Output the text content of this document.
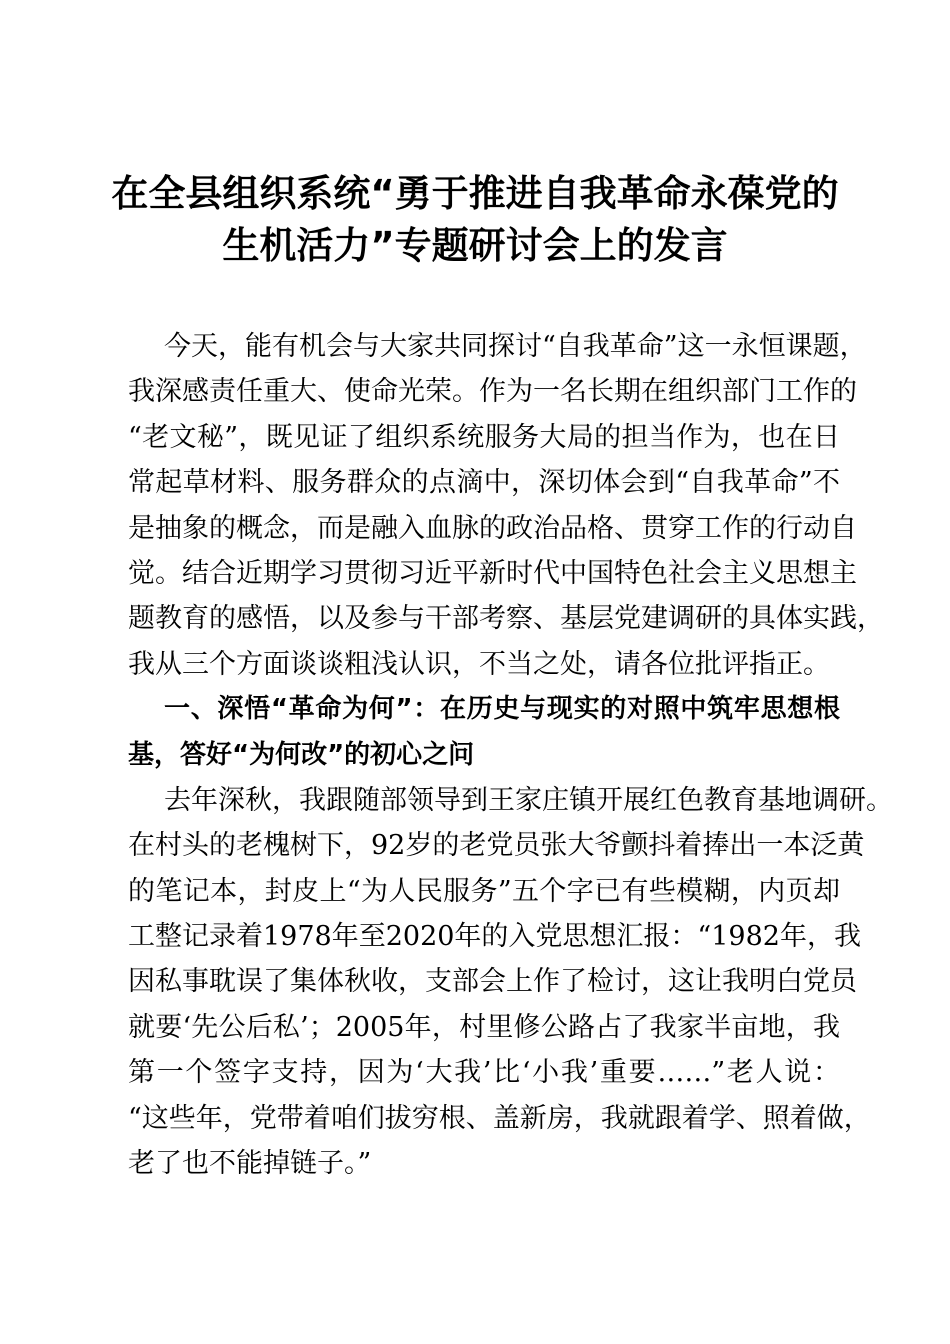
在全县组织系统“勇于推进自我革命永葆党的
生机活力”专题研讨会上的发言
今天，能有机会与大家共同探讨“自我革命”这一永恒课题，
我深感责任重大、使命光荣。作为一名长期在组织部门工作的
“老文秘”，既见证了组织系统服务大局的担当作为，也在日
常起草材料、服务群众的点滴中，深切体会到“自我革命”不
是抽象的概念，而是融入血脉的政治品格、贯穿工作的行动自
觉。结合近期学习贯彻习近平新时代中国特色社会主义思想主
题教育的感悟，以及参与干部考察、基层党建调研的具体实践，
我从三个方面谈谈粗浅认识，不当之处，请各位批评指正。
一、深悟“革命为何”：在历史与现实的对照中筑牢思想根
基，答好“为何改”的初心之问
去年深秋，我跟随部领导到王家庄镇开展红色教育基地调研。
在村头的老槐树下，92岁的老党员张大爷颤抖着捧出一本泛黄
的笔记本，封皮上“为人民服务”五个字已有些模糊，内页却
工整记录着1978年至2020年的入党思想汇报：“1982年，我
因私事耽误了集体秋收，支部会上作了检讨，这让我明白党员
就要‘先公后私’；2005年，村里修公路占了我家半亩地，我
第一个签字支持，因为‘大我’比‘小我’重要……”老人说：
“这些年，党带着咱们拔穷根、盖新房，我就跟着学、照着做，
老了也不能掉链子。”
